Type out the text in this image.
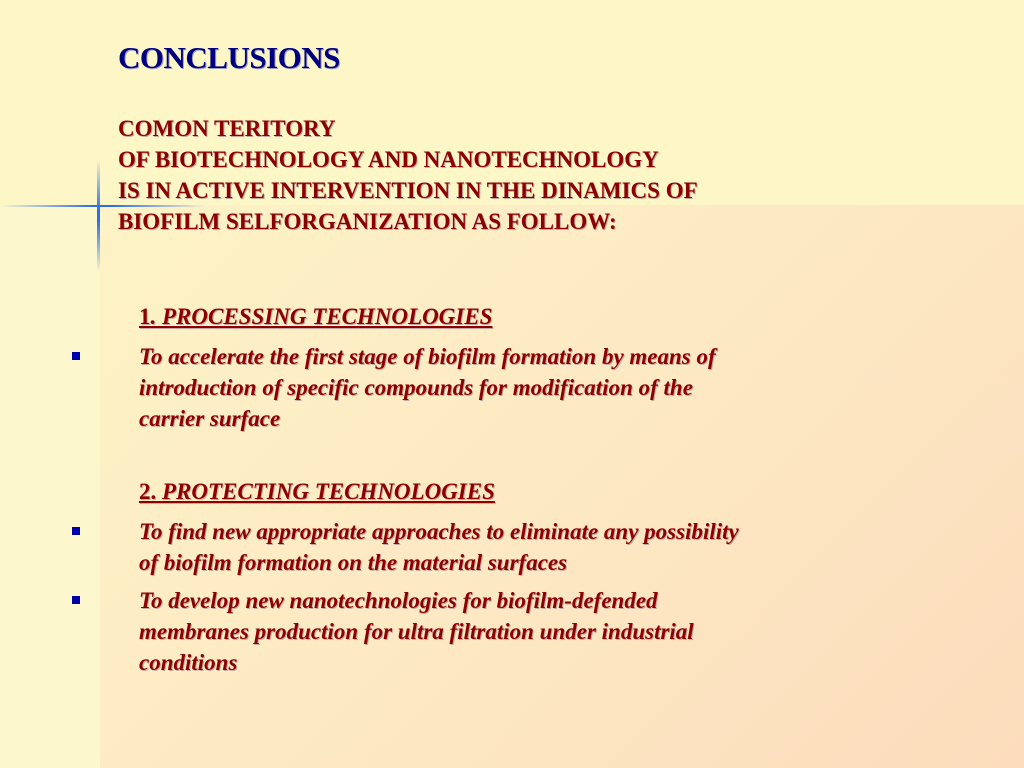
CONCLUSIONS
COMON TERITORY
OF BIOTECHNOLOGY AND NANOTECHNOLOGY
IS IN ACTIVE INTERVENTION IN THE DINAMICS OF
BIOFILM SELFORGANIZATION AS FOLLOW:
1. PROCESSING TECHNOLOGIES
To accelerate the first stage of biofilm formation by means of
introduction of specific compounds for modification of the
carrier surface
2. PROTECTING TECHNOLOGIES
To find new appropriate approaches to eliminate any possibility
of biofilm formation on the material surfaces
To develop new nanotechnologies for biofilm-defended
membranes production for ultra filtration under industrial
conditions
